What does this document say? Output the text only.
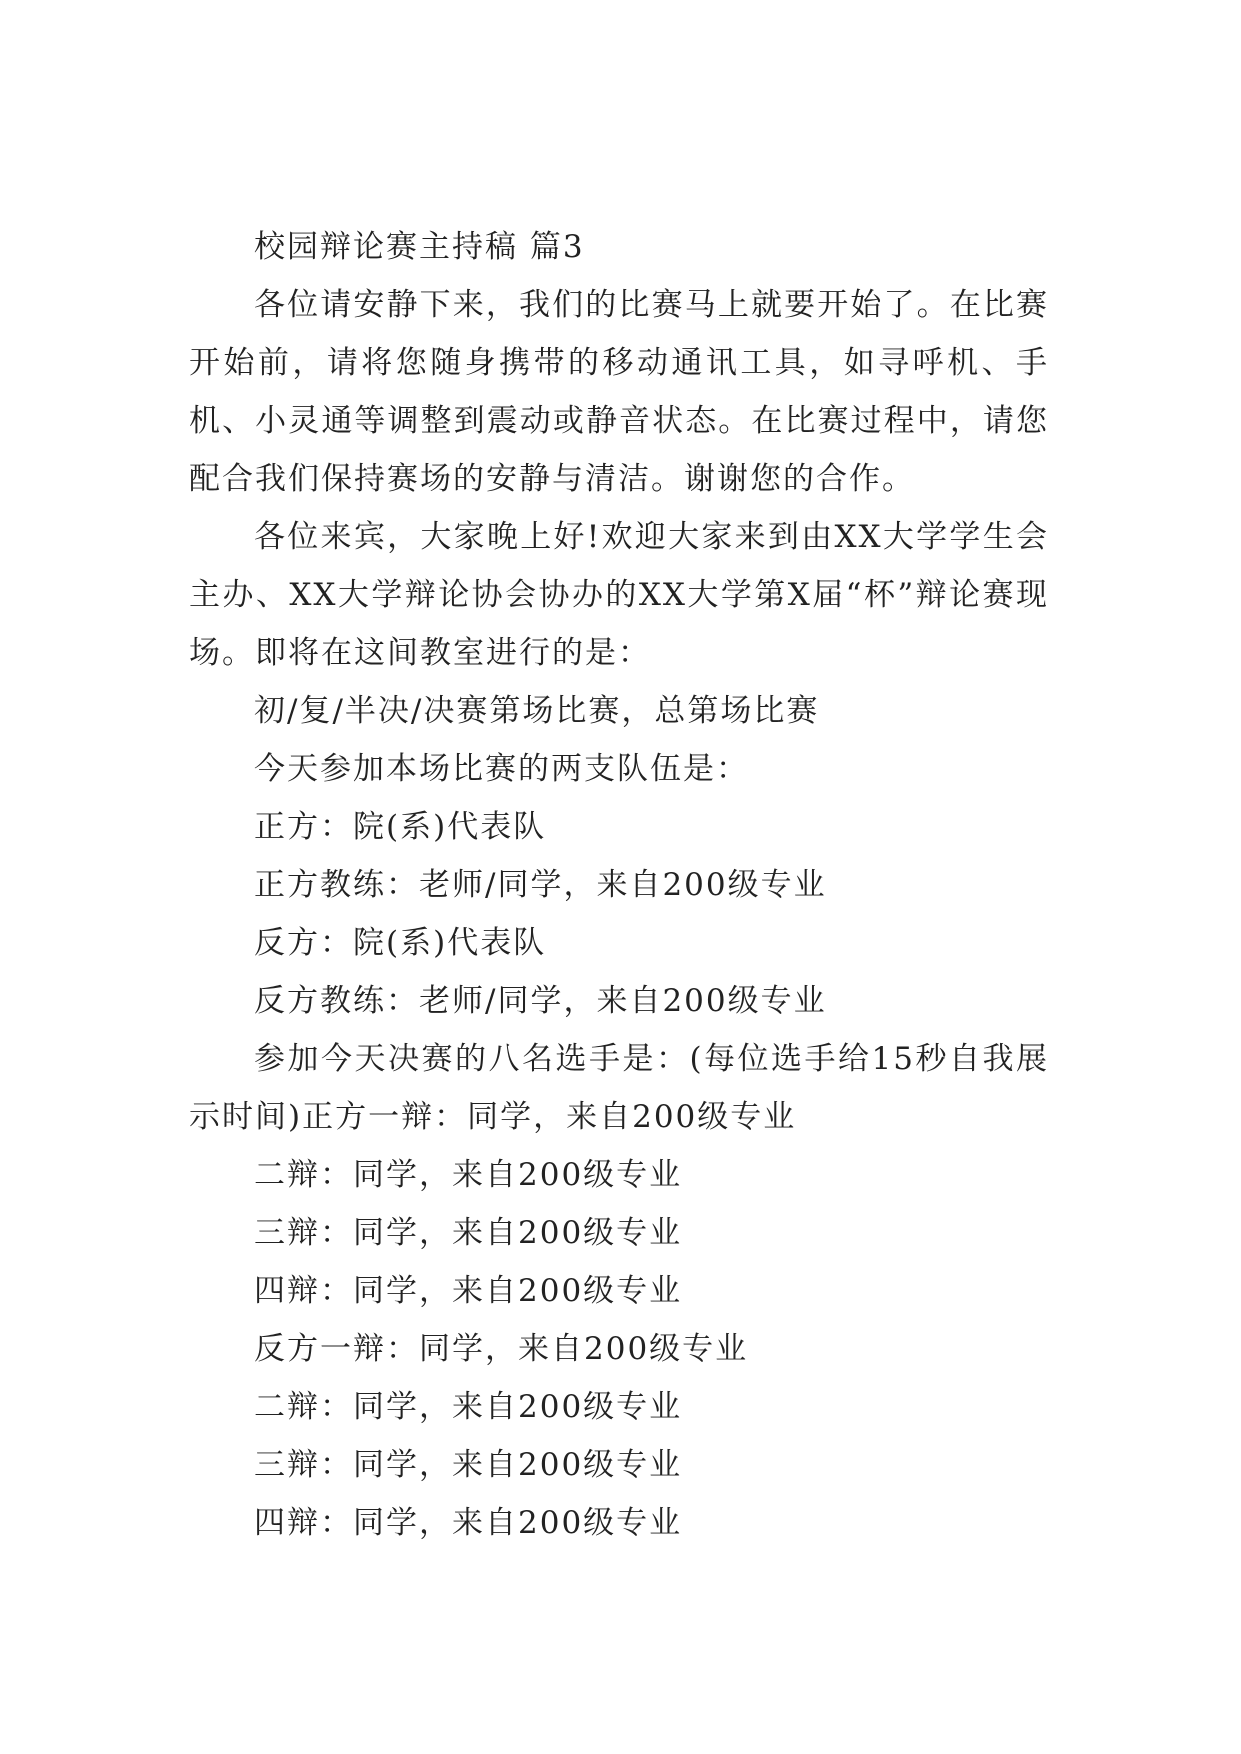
校园辩论赛主持稿 篇3

各位请安静下来，我们的比赛马上就要开始了。在比赛开始前，请将您随身携带的移动通讯工具，如寻呼机、手机、小灵通等调整到震动或静音状态。在比赛过程中，请您配合我们保持赛场的安静与清洁。谢谢您的合作。

各位来宾，大家晚上好!欢迎大家来到由XX大学学生会主办、XX大学辩论协会协办的XX大学第X届“杯”辩论赛现场。即将在这间教室进行的是：

初/复/半决/决赛第场比赛，总第场比赛

今天参加本场比赛的两支队伍是：

正方：院(系)代表队

正方教练：老师/同学，来自200级专业

反方：院(系)代表队

反方教练：老师/同学，来自200级专业

参加今天决赛的八名选手是：(每位选手给15秒自我展示时间)正方一辩：同学，来自200级专业

二辩：同学，来自200级专业

三辩：同学，来自200级专业

四辩：同学，来自200级专业

反方一辩：同学，来自200级专业

二辩：同学，来自200级专业

三辩：同学，来自200级专业

四辩：同学，来自200级专业
